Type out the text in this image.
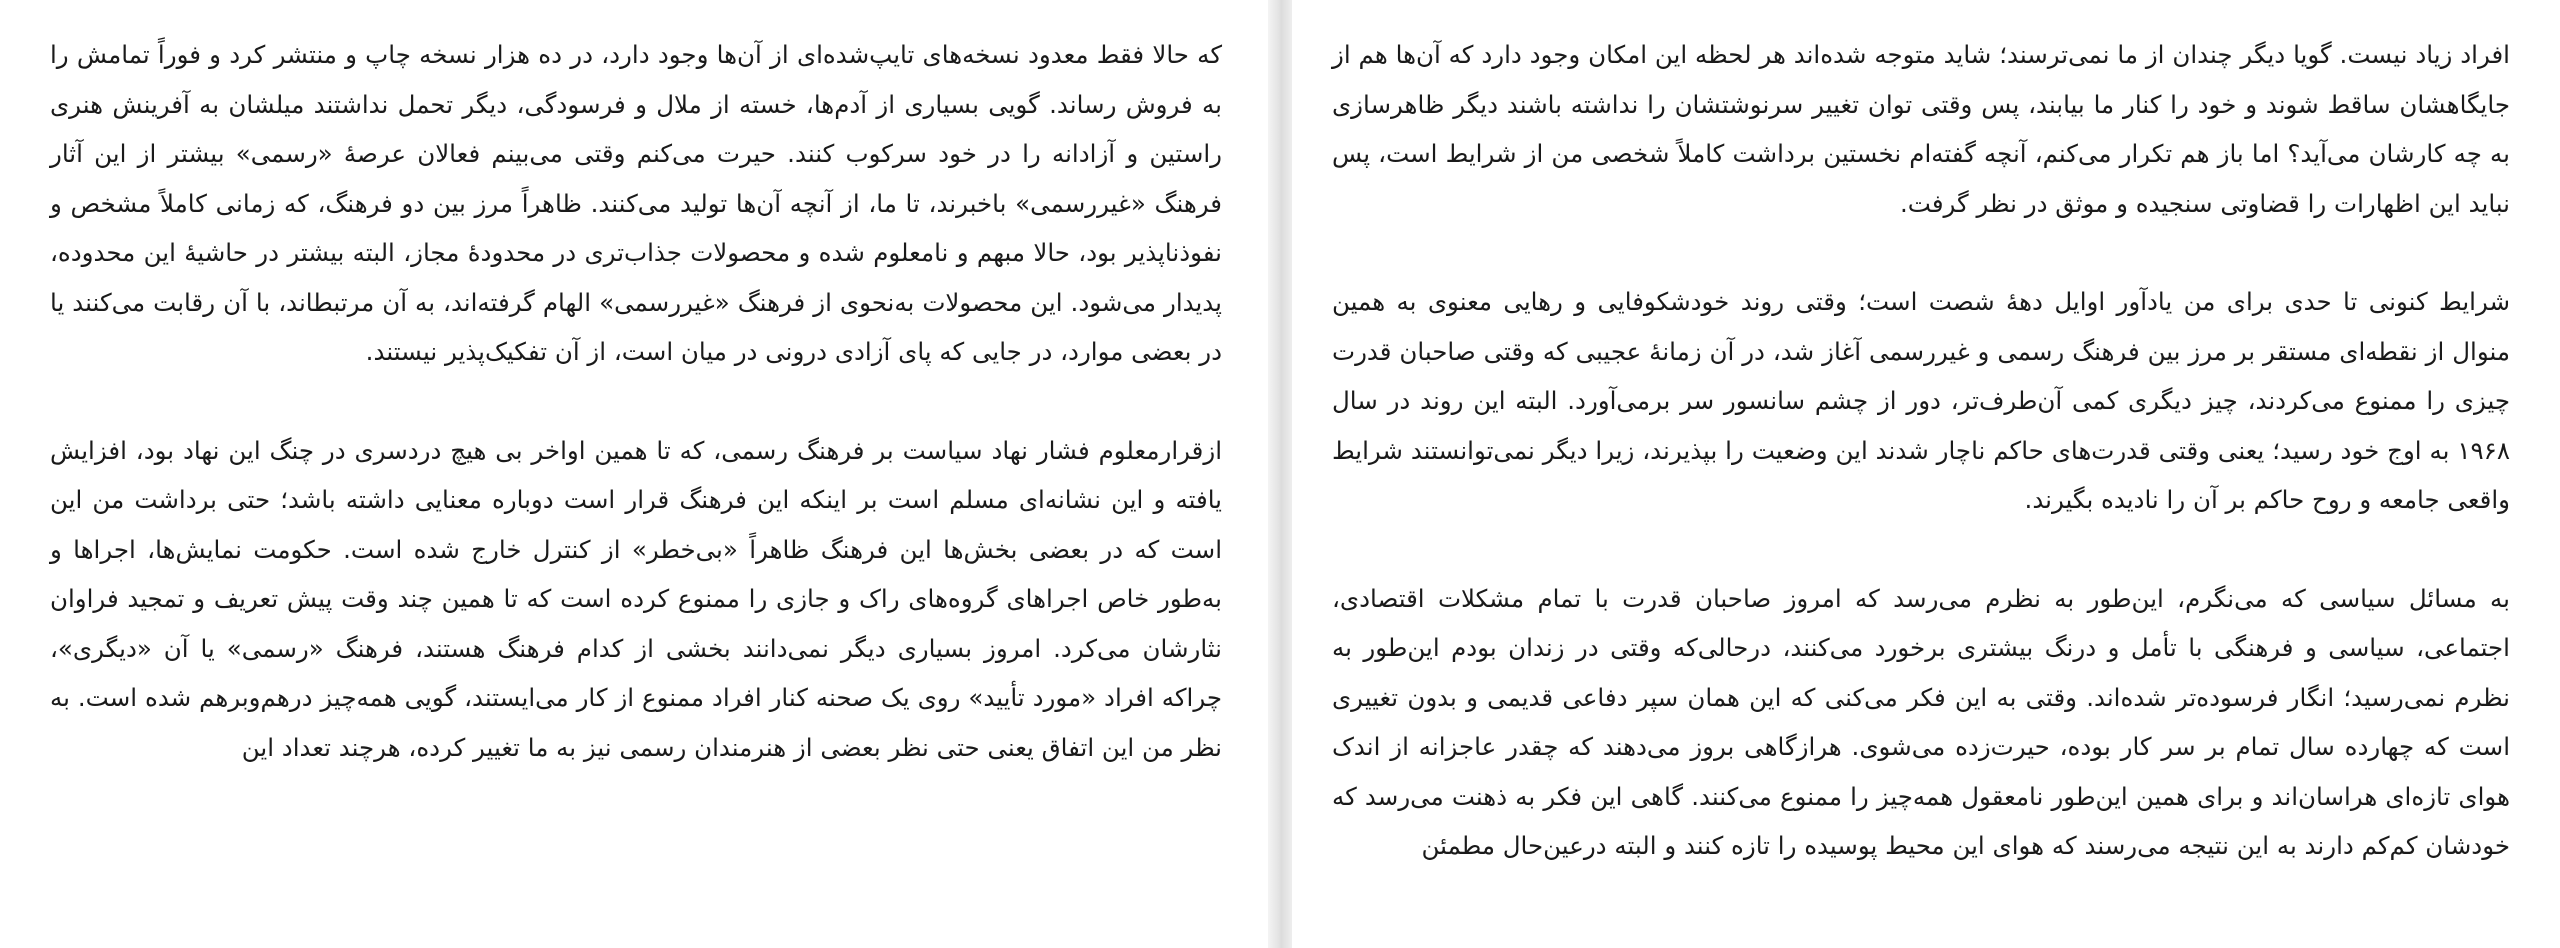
که حالا فقط معدود نسخه‌های تایپ‌شده‌ای از آن‌ها وجود دارد، در ده هزار نسخه چاپ و منتشر کرد و فوراً تمامش را به فروش رساند. گویی بسیاری از آدم‌ها، خسته از ملال و فرسودگی، دیگر تحمل نداشتند میلشان به آفرینش هنری راستین و آزادانه را در خود سرکوب کنند. حیرت می‌کنم وقتی می‌بینم فعالان عرصهٔ «رسمی» بیشتر از این آثار فرهنگ «غیررسمی» باخبرند، تا ما، از آنچه آن‌ها تولید می‌کنند. ظاهراً مرز بین دو فرهنگ، که زمانی کاملاً مشخص و نفوذناپذیر بود، حالا مبهم و نامعلوم شده و محصولات جذاب‌تری در محدودهٔ مجاز، البته بیشتر در حاشیهٔ این محدوده، پدیدار می‌شود. این محصولات به‌نحوی از فرهنگ «غیررسمی» الهام گرفته‌اند، به آن مرتبطاند، با آن رقابت می‌کنند یا در بعضی موارد، در جایی که پای آزادی درونی در میان است، از آن تفکیک‌پذیر نیستند.

ازقرارمعلوم فشار نهاد سیاست بر فرهنگ رسمی، که تا همین اواخر بی هیچ دردسری در چنگ این نهاد بود، افزایش یافته و این نشانه‌ای مسلم است بر اینکه این فرهنگ قرار است دوباره معنایی داشته باشد؛ حتی برداشت من این است که در بعضی بخش‌ها این فرهنگ ظاهراً «بی‌خطر» از کنترل خارج شده است. حکومت نمایش‌ها، اجراها و به‌طور خاص اجراهای گروه‌های راک و جازی را ممنوع کرده است که تا همین چند وقت پیش تعریف و تمجید فراوان نثارشان می‌کرد. امروز بسیاری دیگر نمی‌دانند بخشی از کدام فرهنگ هستند، فرهنگ «رسمی» یا آن «دیگری»، چراکه افراد «مورد تأیید» روی یک صحنه کنار افراد ممنوع از کار می‌ایستند، گویی همه‌چیز درهم‌وبرهم شده است. به نظر من این اتفاق یعنی حتی نظر بعضی از هنرمندان رسمی نیز به ما تغییر کرده، هرچند تعداد این

افراد زیاد نیست. گویا دیگر چندان از ما نمی‌ترسند؛ شاید متوجه شده‌اند هر لحظه این امکان وجود دارد که آن‌ها هم از جایگاهشان ساقط شوند و خود را کنار ما بیابند، پس وقتی توان تغییر سرنوشتشان را نداشته باشند دیگر ظاهرسازی به چه کارشان می‌آید؟ اما باز هم تکرار می‌کنم، آنچه گفته‌ام نخستین برداشت کاملاً شخصی من از شرایط است، پس نباید این اظهارات را قضاوتی سنجیده و موثق در نظر گرفت.

شرایط کنونی تا حدی برای من یادآور اوایل دههٔ شصت است؛ وقتی روند خودشکوفایی و رهایی معنوی به همین منوال از نقطه‌ای مستقر بر مرز بین فرهنگ رسمی و غیررسمی آغاز شد، در آن زمانهٔ عجیبی که وقتی صاحبان قدرت چیزی را ممنوع می‌کردند، چیز دیگری کمی آن‌طرف‌تر، دور از چشم سانسور سر برمی‌آورد. البته این روند در سال ۱۹۶۸ به اوج خود رسید؛ یعنی وقتی قدرت‌های حاکم ناچار شدند این وضعیت را بپذیرند، زیرا دیگر نمی‌توانستند شرایط واقعی جامعه و روح حاکم بر آن را نادیده بگیرند.

به مسائل سیاسی که می‌نگرم، این‌طور به نظرم می‌رسد که امروز صاحبان قدرت با تمام مشکلات اقتصادی، اجتماعی، سیاسی و فرهنگی با تأمل و درنگ بیشتری برخورد می‌کنند، درحالی‌که وقتی در زندان بودم این‌طور به نظرم نمی‌رسید؛ انگار فرسوده‌تر شده‌اند. وقتی به این فکر می‌کنی که این همان سپر دفاعی قدیمی و بدون تغییری است که چهارده سال تمام بر سر کار بوده، حیرت‌زده می‌شوی. هرازگاهی بروز می‌دهند که چقدر عاجزانه از اندک هوای تازه‌ای هراسان‌اند و برای همین این‌طور نامعقول همه‌چیز را ممنوع می‌کنند. گاهی این فکر به ذهنت می‌رسد که خودشان کم‌کم دارند به این نتیجه می‌رسند که هوای این محیط پوسیده را تازه کنند و البته درعین‌حال مطمئن
